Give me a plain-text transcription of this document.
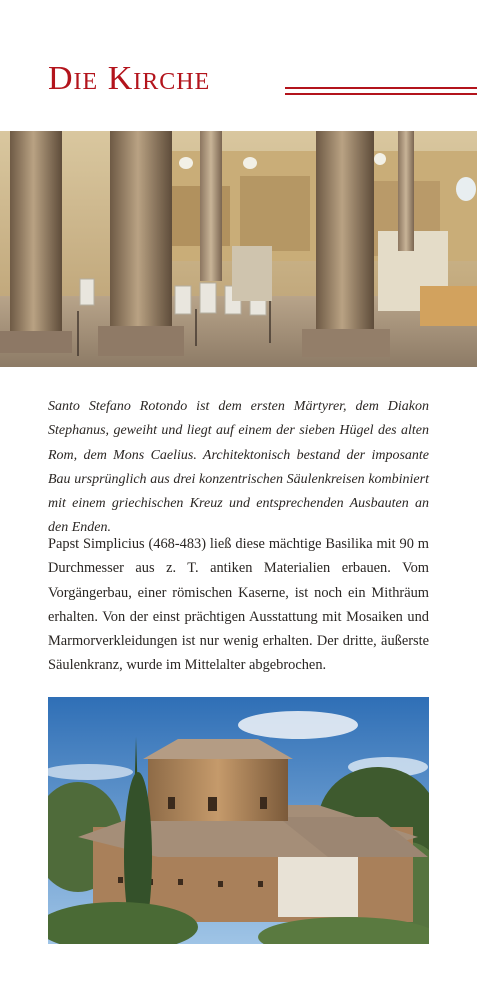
Die Kirche

Santo Stefano Rotondo ist dem ersten Märtyrer, dem Diakon Stephanus, geweiht und liegt auf einem der sieben Hügel des alten Rom, dem Mons Caelius. Architektonisch bestand der imposante Bau ursprünglich aus drei konzentrischen Säulenkreisen kombiniert mit einem griechischen Kreuz und entsprechenden Ausbauten an den Enden.

Papst Simplicius (468-483) ließ diese mächtige Basilika mit 90 m Durchmesser aus z. T. antiken Materialien erbauen. Vom Vorgängerbau, einer römischen Kaserne, ist noch ein Mithräum erhalten. Von der einst prächtigen Ausstattung mit Mosaiken und Marmorverkleidungen ist nur wenig erhalten. Der dritte, äußerste Säulenkranz, wurde im Mittelalter abgebrochen.
